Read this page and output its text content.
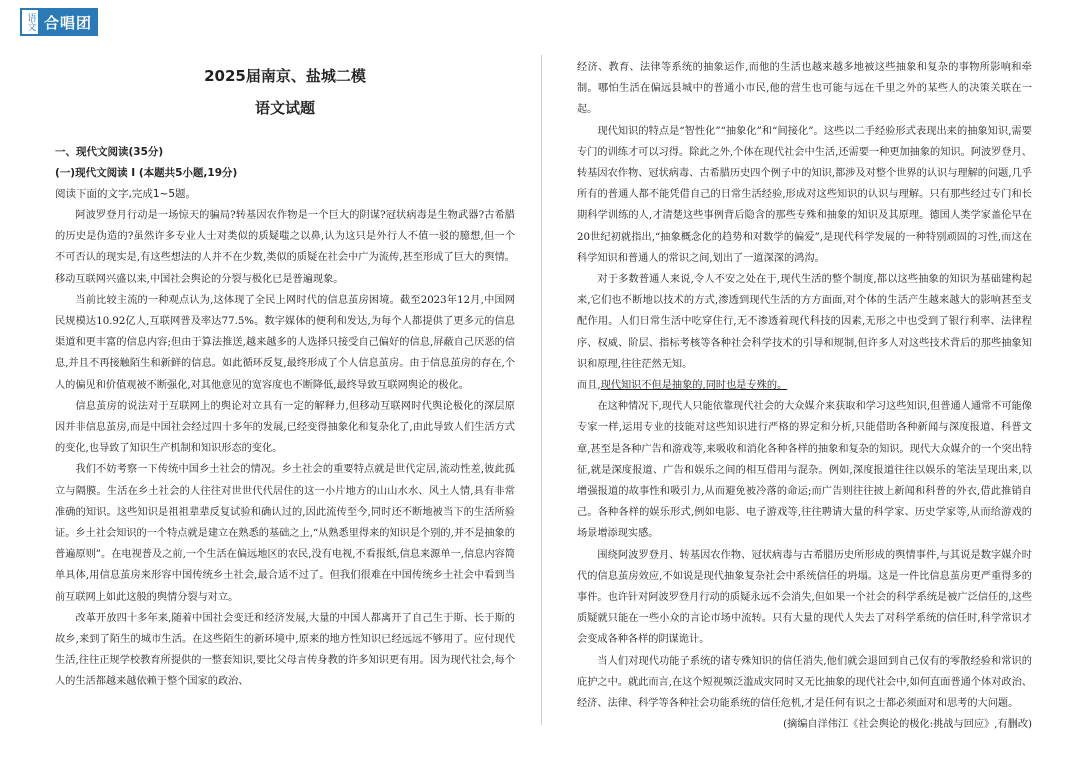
语文 合唱团
2025届南京、盐城二模
语文试题
一、现代文阅读(35分)
(一)现代文阅读 I (本题共5小题,19分)
阅读下面的文字,完成1~5题。

阿波罗登月行动是一场惊天的骗局?转基因农作物是一个巨大的阴谋?冠状病毒是生物武器?古希腊的历史是伪造的?虽然许多专业人士对类似的质疑嗤之以鼻,认为这只是外行人不值一驳的臆想,但一个不可否认的现实是,有这些想法的人并不在少数,类似的质疑在社会中广为流传,甚至形成了巨大的舆情。移动互联网兴盛以来,中国社会舆论的分裂与极化已是普遍现象。

当前比较主流的一种观点认为,这体现了全民上网时代的信息茧房困境。截至2023年12月,中国网民规模达10.92亿人,互联网普及率达77.5%。数字媒体的便利和发达,为每个人都提供了更多元的信息渠道和更丰富的信息内容;但由于算法推送,越来越多的人选择只接受自己偏好的信息,屏蔽自己厌恶的信息,并且不再接触陌生和新鲜的信息。如此循环反复,最终形成了个人信息茧房。由于信息茧房的存在,个人的偏见和价值观被不断强化,对其他意见的宽容度也不断降低,最终导致互联网舆论的极化。

信息茧房的说法对于互联网上的舆论对立具有一定的解释力,但移动互联网时代舆论极化的深层原因并非信息茧房,而是中国社会经过四十多年的发展,已经变得抽象化和复杂化了,由此导致人们生活方式的变化,也导致了知识生产机制和知识形态的变化。

我们不妨考察一下传统中国乡土社会的情况。乡土社会的重要特点就是世代定居,流动性差,彼此孤立与隔膜。生活在乡土社会的人往往对世世代代居住的这一小片地方的山山水水、风土人情,具有非常准确的知识。这些知识是祖祖辈辈反复试验和确认过的,因此流传至今,同时还不断地被当下的生活所验证。乡土社会知识的一个特点就是建立在熟悉的基础之上,“从熟悉里得来的知识是个别的,并不是抽象的普遍原则”。在电视普及之前,一个生活在偏远地区的农民,没有电视,不看报纸,信息来源单一,信息内容简单具体,用信息茧房来形容中国传统乡土社会,最合适不过了。但我们很难在中国传统乡土社会中看到当前互联网上如此这般的舆情分裂与对立。

改革开放四十多年来,随着中国社会变迁和经济发展,大量的中国人都离开了自己生于斯、长于斯的故乡,来到了陌生的城市生活。在这些陌生的新环境中,原来的地方性知识已经远远不够用了。应付现代生活,往往正规学校教育所提供的一整套知识,要比父母言传身教的许多知识更有用。因为现代社会,每个人的生活都越来越依赖于整个国家的政治、

经济、教育、法律等系统的抽象运作,而他的生活也越来越多地被这些抽象和复杂的事物所影响和牵制。哪怕生活在偏远县城中的普通小市民,他的营生也可能与远在千里之外的某些人的决策关联在一起。

现代知识的特点是“智性化”“抽象化”和“间接化”。这些以二手经验形式表现出来的抽象知识,需要专门的训练才可以习得。除此之外,个体在现代社会中生活,还需要一种更加抽象的知识。阿波罗登月、转基因农作物、冠状病毒、古希腊历史四个例子中的知识,都涉及对整个世界的认识与理解的问题,几乎所有的普通人都不能凭借自己的日常生活经验,形成对这些知识的认识与理解。只有那些经过专门和长期科学训练的人,才清楚这些事例背后隐含的那些专殊和抽象的知识及其原理。德国人类学家盖伦早在20世纪初就指出,“抽象概念化的趋势和对数学的偏爱”,是现代科学发展的一种特别顽固的习性,而这在科学知识和普通人的常识之间,划出了一道深深的鸿沟。

对于多数普通人来说,令人不安之处在于,现代生活的整个制度,都以这些抽象的知识为基础建构起来,它们也不断地以技术的方式,渗透到现代生活的方方面面,对个体的生活产生越来越大的影响甚至支配作用。人们日常生活中吃穿住行,无不渗透着现代科技的因素,无形之中也受到了银行利率、法律程序、权威、阶层、指标考核等各种社会科学技术的引导和规制,但许多人对这些技术背后的那些抽象知识和原理,往往茫然无知。

而且,现代知识不但是抽象的,同时也是专殊的。

在这种情况下,现代人只能依靠现代社会的大众媒介来获取和学习这些知识,但普通人通常不可能像专家一样,运用专业的技能对这些知识进行严格的界定和分析,只能借助各种新闻与深度报道、科普文章,甚至是各种广告和游戏等,来吸收和消化各种各样的抽象和复杂的知识。现代大众媒介的一个突出特征,就是深度报道、广告和娱乐之间的相互借用与混杂。例如,深度报道往往以娱乐的笔法呈现出来,以增强报道的故事性和吸引力,从而避免被冷落的命运;而广告则往往披上新闻和科普的外衣,借此推销自己。各种各样的娱乐形式,例如电影、电子游戏等,往往聘请大量的科学家、历史学家等,从而给游戏的场景增添现实感。

围绕阿波罗登月、转基因农作物、冠状病毒与古希腊历史所形成的舆情事件,与其说是数字媒介时代的信息茧房效应,不如说是现代抽象复杂社会中系统信任的坍塌。这是一件比信息茧房更严重得多的事件。也许针对阿波罗登月行动的质疑永远不会消失,但如果一个社会的科学系统是被广泛信任的,这些质疑就只能在一些小众的言论市场中流转。只有大量的现代人失去了对科学系统的信任时,科学常识才会变成各种各样的阴谋诡计。

当人们对现代功能子系统的诸专殊知识的信任消失,他们就会退回到自己仅有的零散经验和常识的庇护之中。就此而言,在这个短视频泛滥成灾同时又无比抽象的现代社会中,如何直面普通个体对政治、经济、法律、科学等各种社会功能系统的信任危机,才是任何有识之士都必须面对和思考的大问题。

(摘编自洋伟江《社会舆论的极化:挑战与回应》,有删改)
